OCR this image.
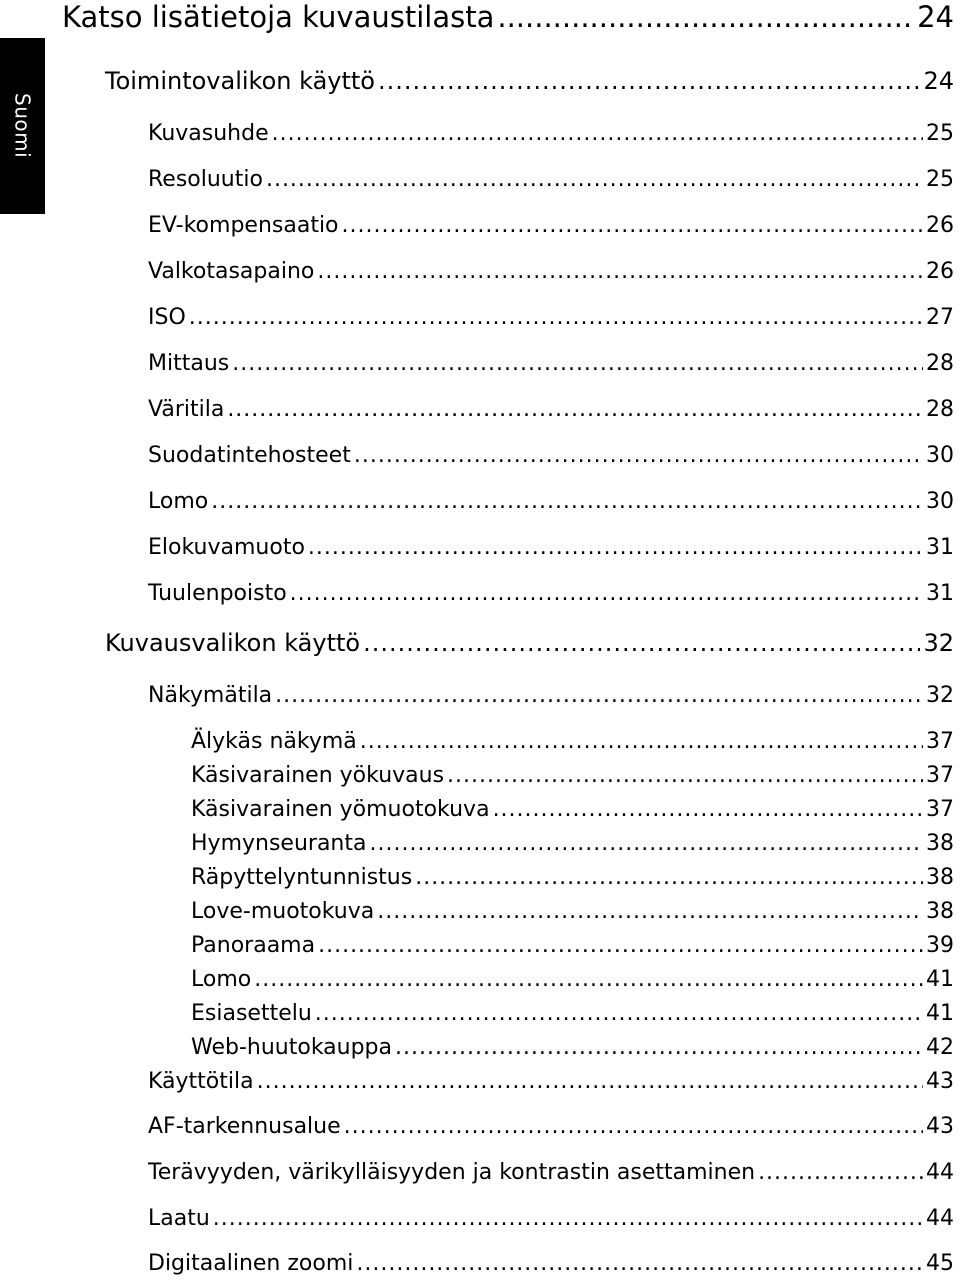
Suomi
Katso lisätietoja kuvaustilasta .....	24
Toimintovalikon käyttö .....	24
Kuvasuhde .....	25
Resoluutio .....	25
EV-kompensaatio .....	26
Valkotasapaino .....	26
ISO .....	27
Mittaus .....	28
Väritila .....	28
Suodatintehosteet .....	30
Lomo .....	30
Elokuvamuoto .....	31
Tuulenpoisto .....	31
Kuvausvalikon käyttö .....	32
Näkymätila .....	32
Älykäs näkymä .....	37
Käsivarainen yökuvaus .....	37
Käsivarainen yömuotokuva .....	37
Hymynseuranta .....	38
Räpyttelyntunnistus .....	38
Love-muotokuva .....	38
Panoraama .....	39
Lomo .....	41
Esiasettelu .....	41
Web-huutokauppa .....	42
Käyttötila .....	43
AF-tarkennusalue .....	43
Terävyyden, värikylläisyyden ja kontrastin asettaminen .....	44
Laatu .....	44
Digitaalinen zoomi .....	45
